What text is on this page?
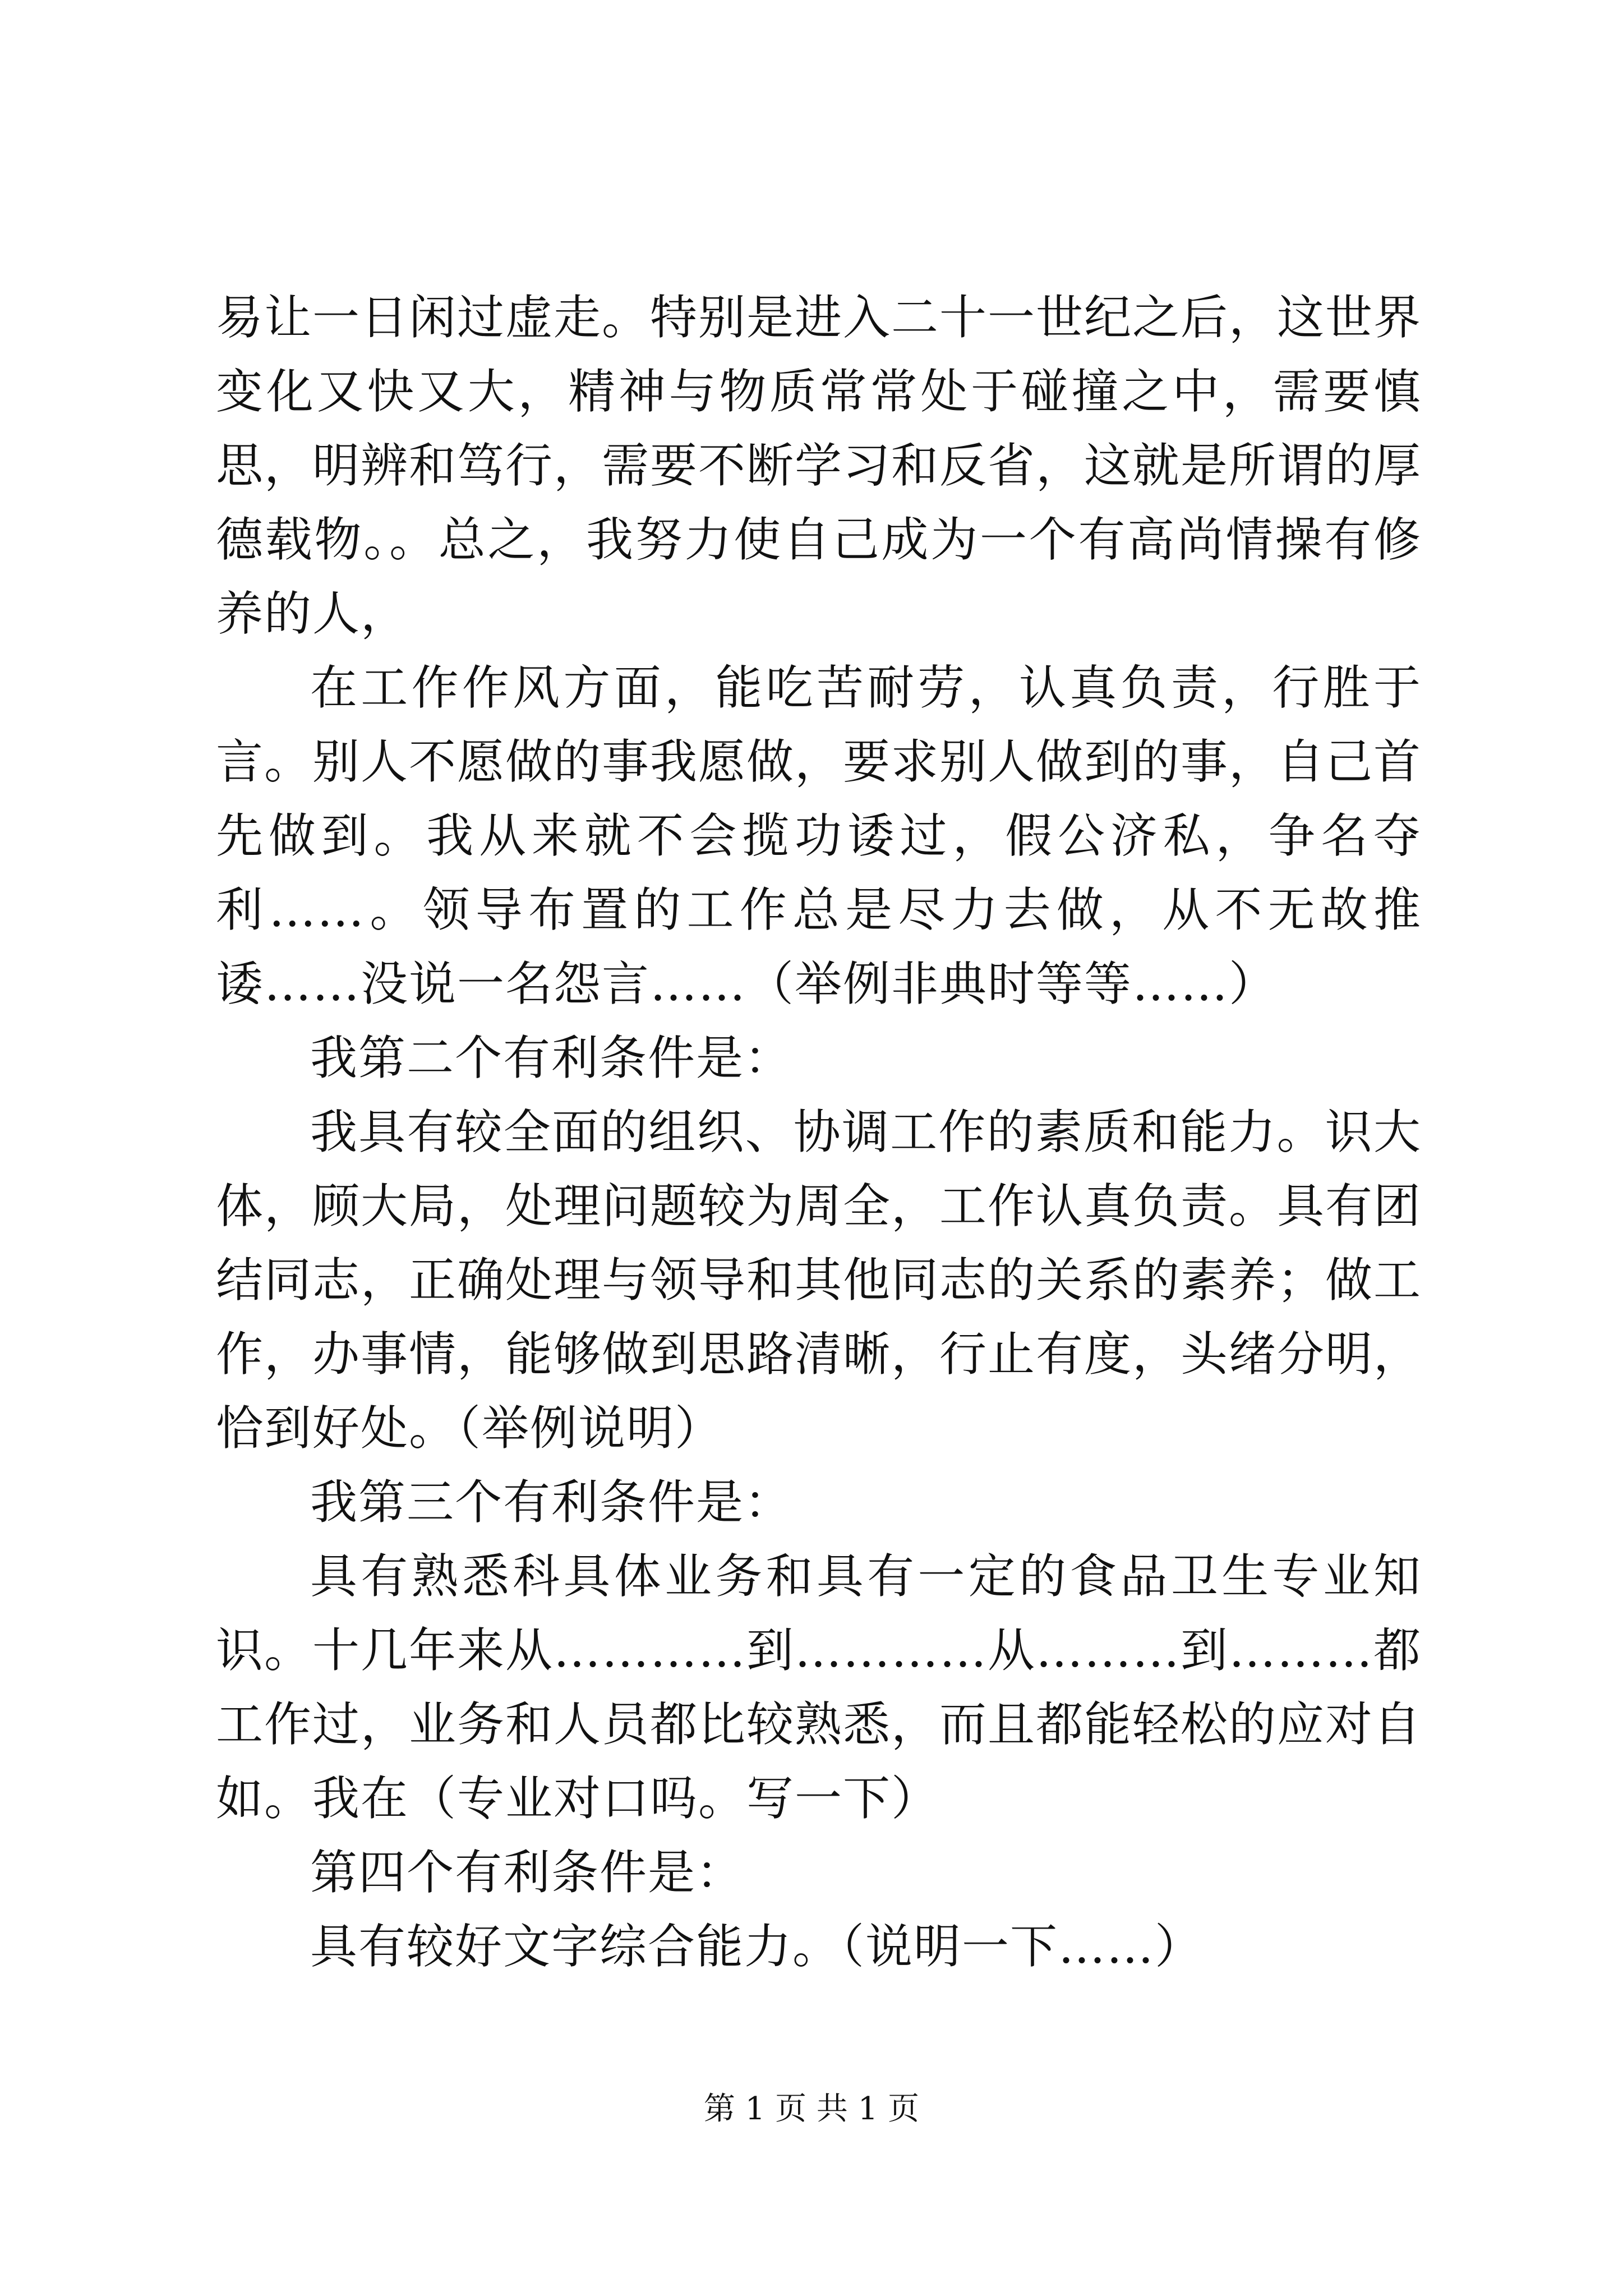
易让一日闲过虚走。特别是进入二十一世纪之后，这世界变化又快又大，精神与物质常常处于碰撞之中，需要慎思，明辨和笃行，需要不断学习和反省，这就是所谓的厚德载物。。总之，我努力使自己成为一个有高尚情操有修养的人，

在工作作风方面，能吃苦耐劳，认真负责，行胜于言。别人不愿做的事我愿做，要求别人做到的事，自己首先做到。我从来就不会揽功诿过，假公济私，争名夺利……。领导布置的工作总是尽力去做，从不无故推诿……没说一名怨言……（举例非典时等等……）

我第二个有利条件是：

我具有较全面的组织、协调工作的素质和能力。识大体，顾大局，处理问题较为周全，工作认真负责。具有团结同志，正确处理与领导和其他同志的关系的素养；做工作，办事情，能够做到思路清晰，行止有度，头绪分明，恰到好处。（举例说明）

我第三个有利条件是：

具有熟悉科具体业务和具有一定的食品卫生专业知识。十几年来从…………到…………从………到………都工作过，业务和人员都比较熟悉，而且都能轻松的应对自如。我在（专业对口吗。写一下）

第四个有利条件是：

具有较好文字综合能力。（说明一下……）

第 1 页 共 1 页
